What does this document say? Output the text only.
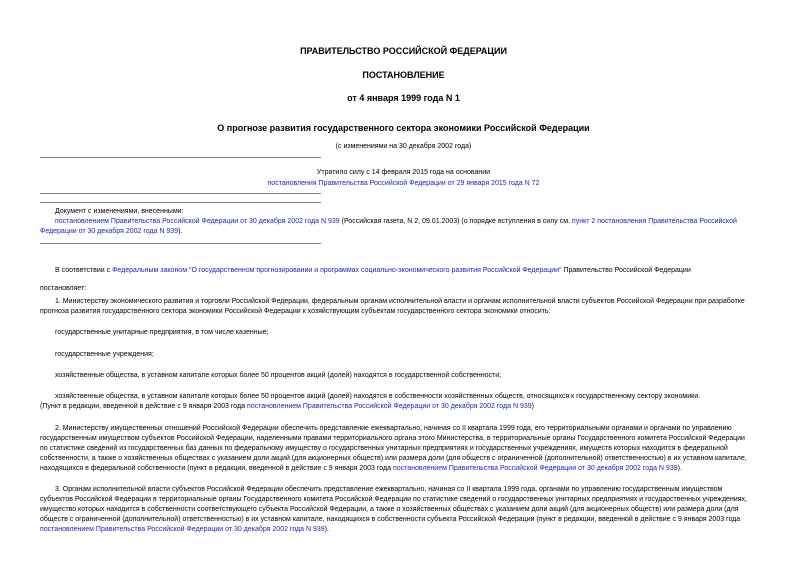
ПРАВИТЕЛЬСТВО РОССИЙСКОЙ ФЕДЕРАЦИИ
ПОСТАНОВЛЕНИЕ
от 4 января 1999 года N 1
О прогнозе развития государственного сектора экономики Российской Федерации
(с изменениями на 30 декабря 2002 года)
Утратило силу с 14 февраля 2015 года на основании
постановления Правительства Российской Федерации от 29 января 2015 года N 72
Документ с изменениями, внесенными:
постановлением Правительства Российской Федерации от 30 декабря 2002 года N 939 (Российская газета, N 2, 09.01.2003) (о порядке вступления в силу см. пункт 2 постановления Правительства Российской
Федерации от 30 декабря 2002 года N 939).
В соответствии с Федеральным законом "О государственном прогнозировании и программах социально-экономического развития Российской Федерации" Правительство Российской Федерации
постановляет:
1. Министерству экономического развития и торговли Российской Федерации, федеральным органам исполнительной власти и органам исполнительной власти субъектов Российской Федерации при разработке
прогноза развития государственного сектора экономики Российской Федерации к хозяйствующим субъектам государственного сектора экономики относить:
государственные унитарные предприятия, в том числе казенные;
государственные учреждения;
хозяйственные общества, в уставном капитале которых более 50 процентов акций (долей) находятся в государственной собственности;
хозяйственные общества, в уставном капитале которых более 50 процентов акций (долей) находятся в собственности хозяйственных обществ, относящихся к государственному сектору экономики.
(Пункт в редакции, введенной в действие с 9 января 2003 года постановлением Правительства Российской Федерации от 30 декабря 2002 года N 939)
2. Министерству имущественных отношений Российской Федерации обеспечить представление ежеквартально, начиная со II квартала 1999 года, его территориальными органами и органами по управлению
государственным имуществом субъектов Российской Федерации, наделенными правами территориального органа этого Министерства, в территориальные органы Государственного комитета Российской Федерации
по статистике сведений из государственных баз данных по федеральному имуществу о государственных унитарных предприятиях и государственных учреждениях, имуществ которых находится в федеральной
собственности, а также о хозяйственных обществах с указанием доли акций (для акционерных обществ) или размера доли (для обществ с ограниченной (дополнительной) ответственностью) в их уставном капитале,
находящихся в федеральной собственности (пункт в редакции, введенной в действие с 9 января 2003 года постановлением Правительства Российской Федерации от 30 декабря 2002 года N 939).
3. Органам исполнительной власти субъектов Российской Федерации обеспечить представление ежеквартально, начиная со II квартала 1999 года, органами по управлению государственным имуществом
субъектов Российской Федерации в территориальные органы Государственного комитета Российской Федерации по статистике сведений о государственных унитарных предприятиях и государственных учреждениях,
имущество которых находится в собственности соответствующего субъекта Российской Федерации, а также о хозяйственных обществах с указанием доли акций (для акционерных обществ) или размера доли (для
обществ с ограниченной (дополнительной) ответственностью) в их уставном капитале, находящихся в собственности субъекта Российской Федерации (пункт в редакции, введенной в действие с 9 января 2003 года
постановлением Правительства Российской Федерации от 30 декабря 2002 года N 939).
